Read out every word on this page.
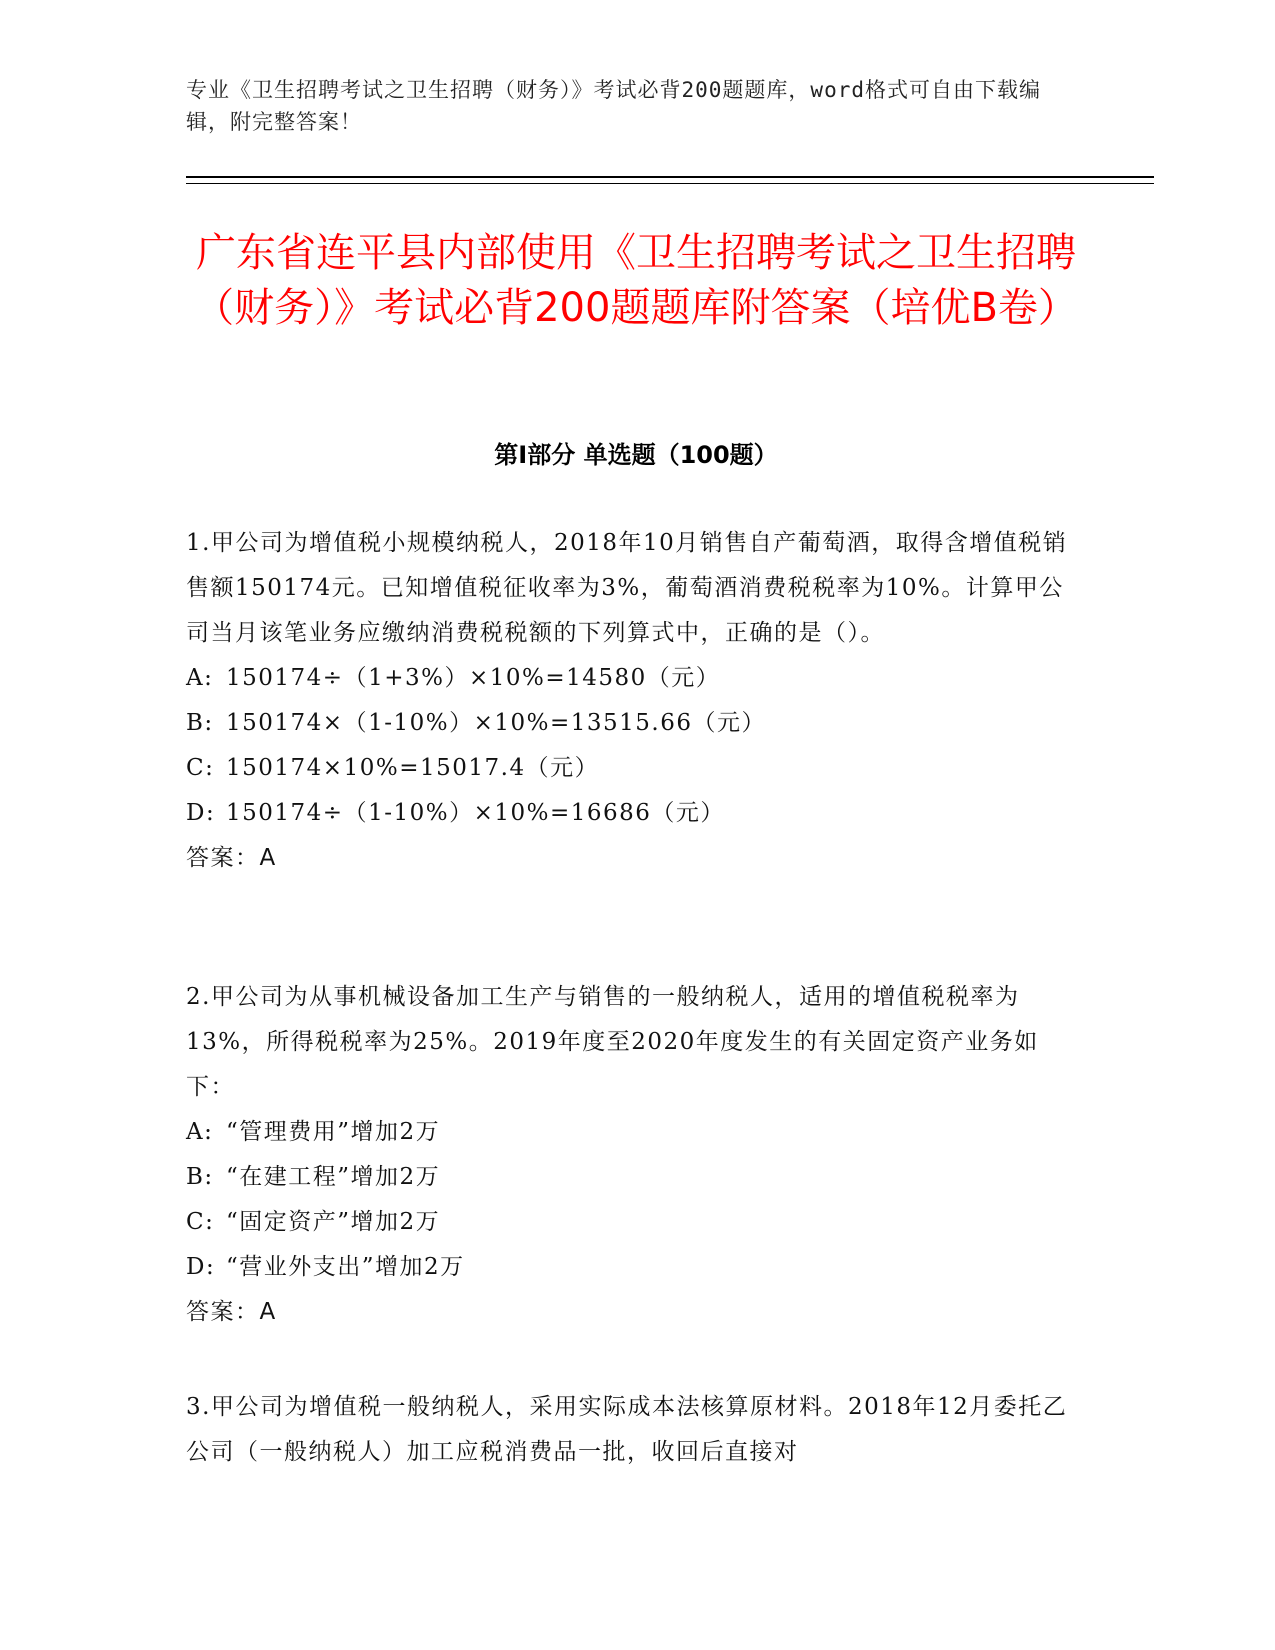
专业《卫生招聘考试之卫生招聘（财务）》考试必背200题题库，word格式可自由下载编辑，附完整答案！
广东省连平县内部使用《卫生招聘考试之卫生招聘（财务）》考试必背200题题库附答案（培优B卷）
第Ⅰ部分 单选题（100题）

1.甲公司为增值税小规模纳税人，2018年10月销售自产葡萄酒，取得含增值税销售额150174元。已知增值税征收率为3%，葡萄酒消费税税率为10%。计算甲公司当月该笔业务应缴纳消费税税额的下列算式中，正确的是（）。

A: 150174÷（1+3%）×10%=14580（元）

B: 150174×（1-10%）×10%=13515.66（元）

C: 150174×10%=15017.4（元）

D: 150174÷（1-10%）×10%=16686（元）

答案：A

2.甲公司为从事机械设备加工生产与销售的一般纳税人，适用的增值税税率为13%，所得税税率为25%。2019年度至2020年度发生的有关固定资产业务如下：

A: “管理费用”增加2万

B: “在建工程”增加2万

C: “固定资产”增加2万

D: “营业外支出”增加2万

答案：A

3.甲公司为增值税一般纳税人，采用实际成本法核算原材料。2018年12月委托乙公司（一般纳税人）加工应税消费品一批，收回后直接对
